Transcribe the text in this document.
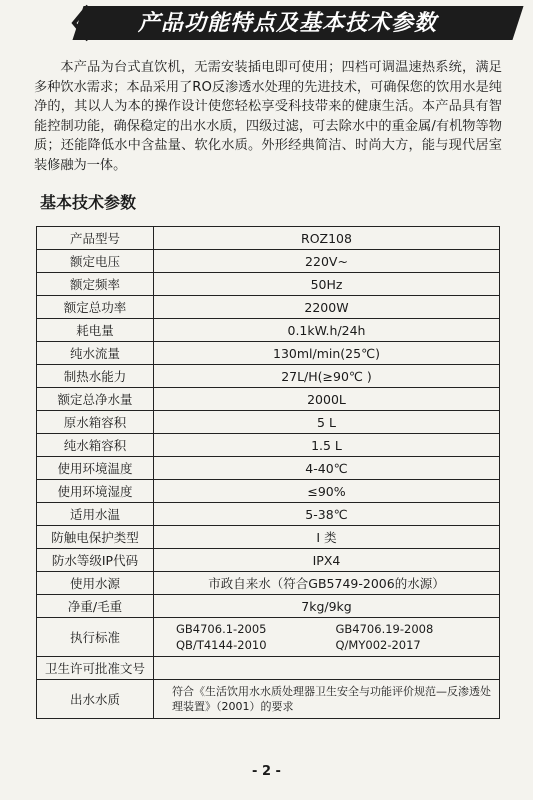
产品功能特点及基本技术参数
本产品为台式直饮机，无需安装插电即可使用；四档可调温速热系统，满足多种饮水需求；本品采用了RO反渗透水处理的先进技术，可确保您的饮用水是纯净的，其以人为本的操作设计使您轻松享受科技带来的健康生活。本产品具有智能控制功能，确保稳定的出水水质，四级过滤，可去除水中的重金属/有机物等物质；还能降低水中含盐量、软化水质。外形经典简洁、时尚大方，能与现代居室装修融为一体。
基本技术参数
产品型号	ROZ108
额定电压	220V~
额定频率	50Hz
额定总功率	2200W
耗电量	0.1kW.h/24h
纯水流量	130ml/min(25℃)
制热水能力	27L/H(≥90℃ )
额定总净水量	2000L
原水箱容积	5 L
纯水箱容积	1.5 L
使用环境温度	4-40℃
使用环境湿度	≤90%
适用水温	5-38℃
防触电保护类型	I 类
防水等级IP代码	IPX4
使用水源	市政自来水（符合GB5749-2006的水源）
净重/毛重	7kg/9kg
执行标准	GB4706.1-2005 GB4706.19-2008
QB/T4144-2010 Q/MY002-2017

卫生许可批准文号	
出水水质	符合《生活饮用水水质处理器卫生安全与功能评价规范—反渗透处理装置》（2001）的要求
- 2 -
